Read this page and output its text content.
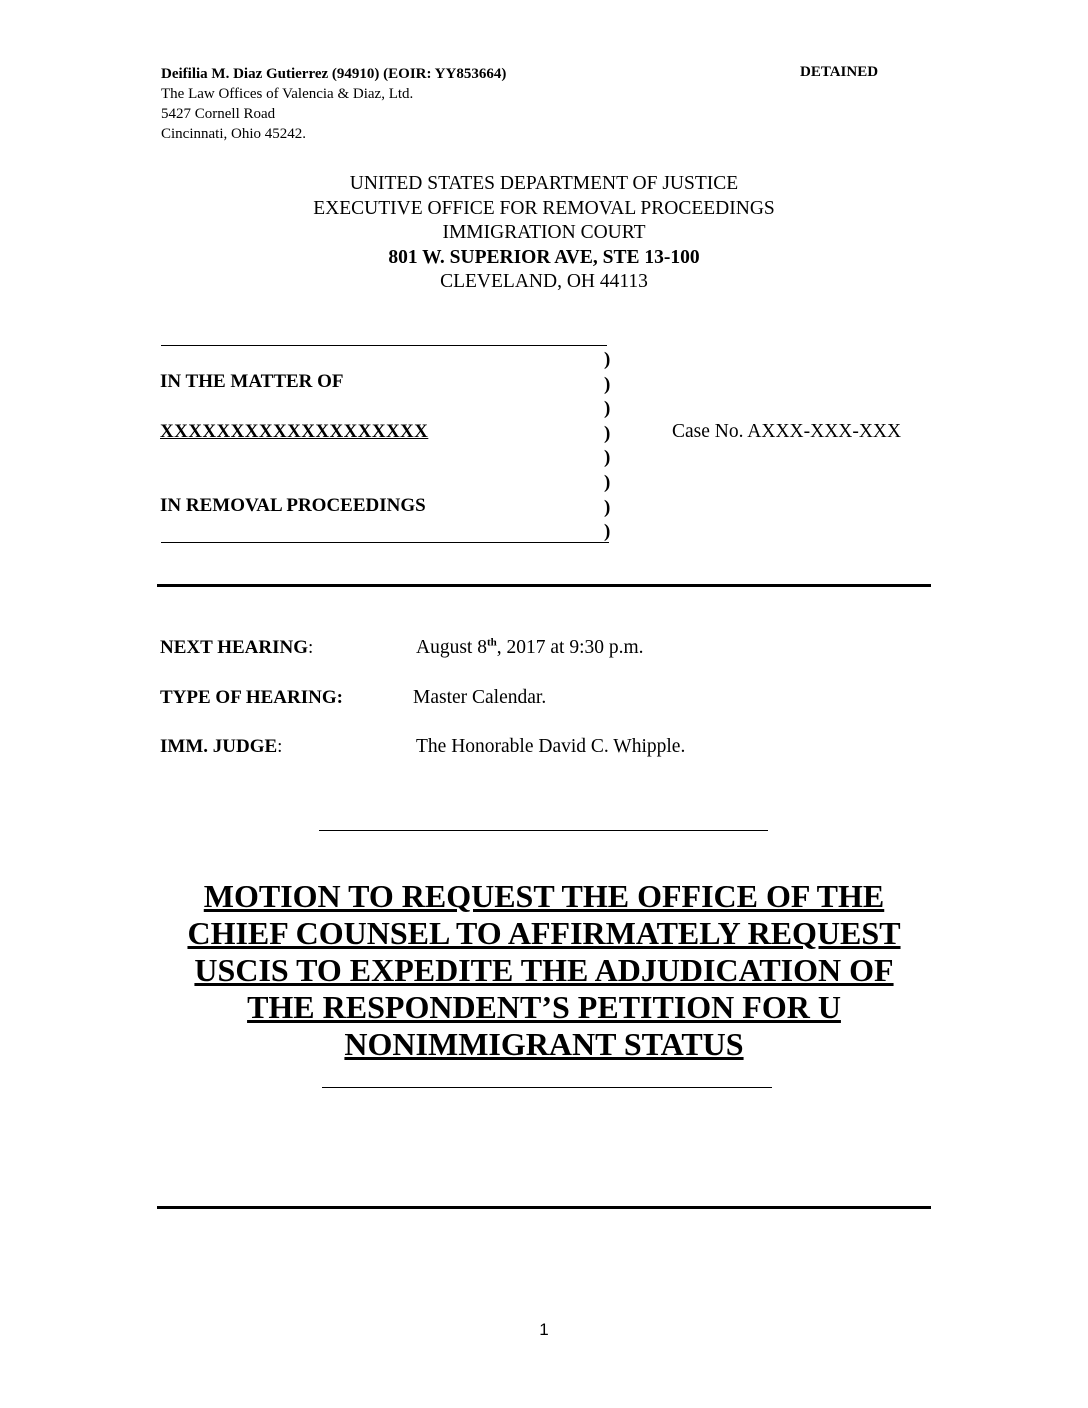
Deifilia M. Diaz Gutierrez (94910) (EOIR: YY853664)
The Law Offices of Valencia & Diaz, Ltd.
5427 Cornell Road
Cincinnati, Ohio 45242.
DETAINED
UNITED STATES DEPARTMENT OF JUSTICE
EXECUTIVE OFFICE FOR REMOVAL PROCEEDINGS
IMMIGRATION COURT
801 W. SUPERIOR AVE, STE 13-100
CLEVELAND, OH 44113
IN THE MATTER OF
XXXXXXXXXXXXXXXXXXX
IN REMOVAL PROCEEDINGS
)
)
)
)
)
)
)
)
Case No. AXXX-XXX-XXX
NEXT HEARING:	August 8th, 2017 at 9:30 p.m.
TYPE OF HEARING:	Master Calendar.
IMM. JUDGE:	The Honorable David C. Whipple.
MOTION TO REQUEST THE OFFICE OF THE
CHIEF COUNSEL TO AFFIRMATELY REQUEST
USCIS TO EXPEDITE THE ADJUDICATION OF
THE RESPONDENT’S PETITION FOR U
NONIMMIGRANT STATUS
1
